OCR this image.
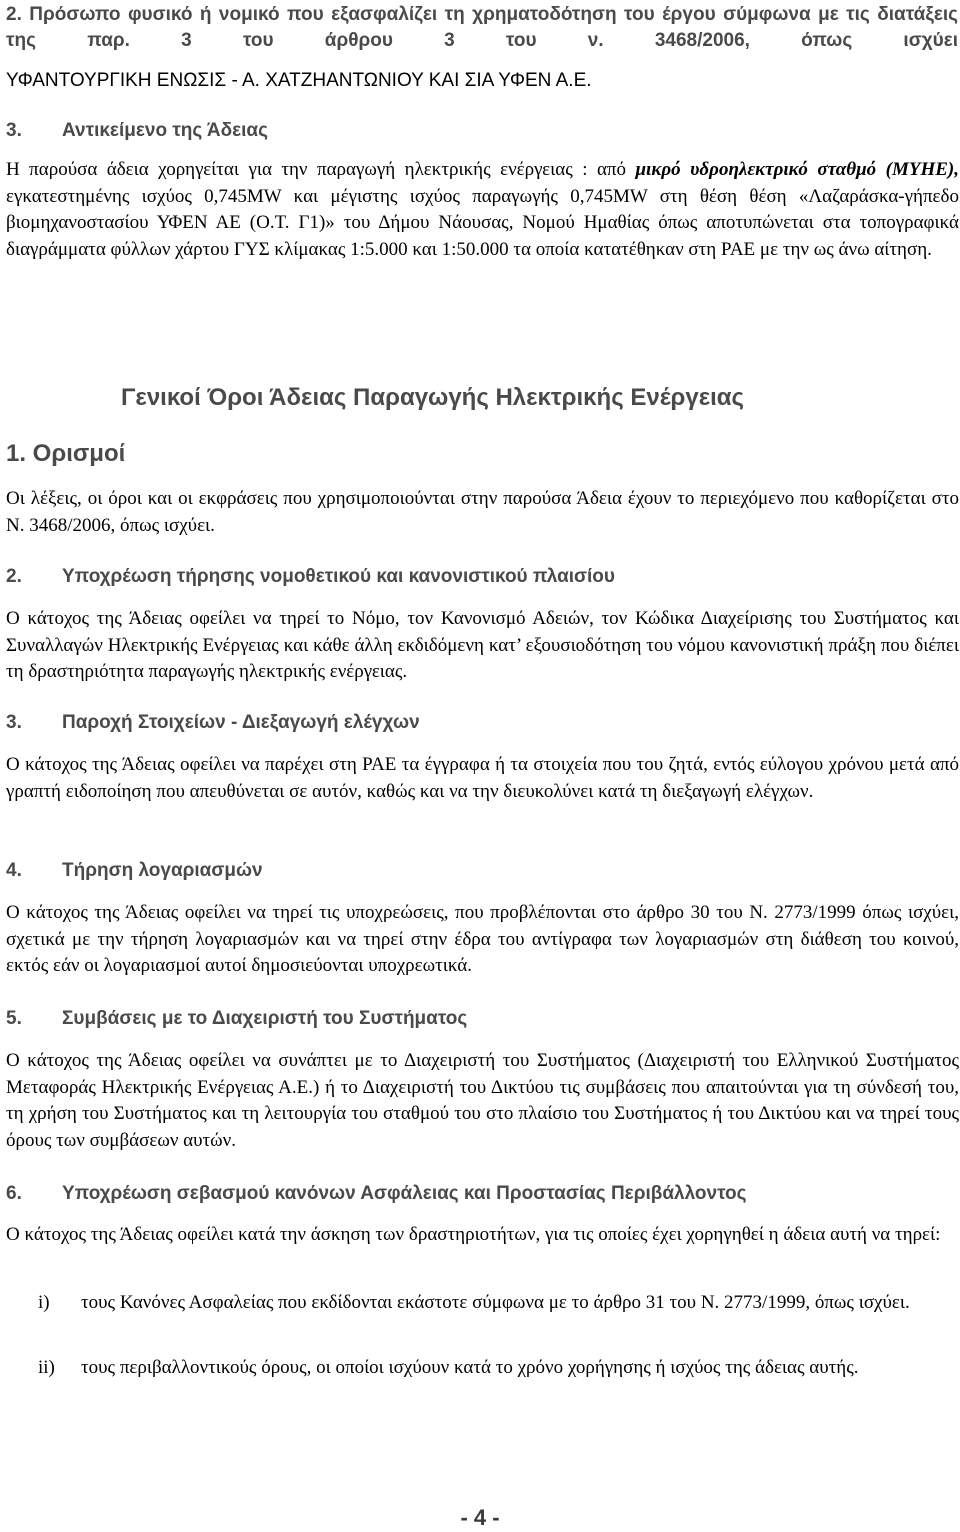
2. Πρόσωπο φυσικό ή νομικό που εξασφαλίζει τη χρηματοδότηση του έργου σύμφωνα με τις διατάξεις της παρ. 3 του άρθρου 3 του ν. 3468/2006, όπως ισχύει
ΥΦΑΝΤΟΥΡΓΙΚΗ ΕΝΩΣΙΣ - Α. ΧΑΤΖΗΑΝΤΩΝΙΟΥ ΚΑΙ ΣΙΑ ΥΦΕΝ Α.Ε.
3. Αντικείμενο της Άδειας
Η παρούσα άδεια χορηγείται για την παραγωγή ηλεκτρικής ενέργειας : από μικρό υδροηλεκτρικό σταθμό (ΜΥΗΕ), εγκατεστημένης ισχύος 0,745MW και μέγιστης ισχύος παραγωγής 0,745MW στη θέση θέση «Λαζαράσκα-γήπεδο βιομηχανοστασίου ΥΦΕΝ ΑΕ (Ο.Τ. Γ1)» του Δήμου Νάουσας, Νομού Ημαθίας όπως αποτυπώνεται στα τοπογραφικά διαγράμματα φύλλων χάρτου ΓΥΣ κλίμακας 1:5.000 και 1:50.000 τα οποία κατατέθηκαν στη ΡΑΕ με την ως άνω αίτηση.
Γενικοί Όροι Άδειας Παραγωγής Ηλεκτρικής Ενέργειας
1. Ορισμοί
Οι λέξεις, οι όροι και οι εκφράσεις που χρησιμοποιούνται στην παρούσα Άδεια έχουν το περιεχόμενο που καθορίζεται στο Ν. 3468/2006, όπως ισχύει.
2. Υποχρέωση τήρησης νομοθετικού και κανονιστικού πλαισίου
Ο κάτοχος της Άδειας οφείλει να τηρεί το Νόμο, τον Κανονισμό Αδειών, τον Κώδικα Διαχείρισης του Συστήματος και Συναλλαγών Ηλεκτρικής Ενέργειας και κάθε άλλη εκδιδόμενη κατ’ εξουσιοδότηση του νόμου κανονιστική πράξη που διέπει τη δραστηριότητα παραγωγής ηλεκτρικής ενέργειας.
3. Παροχή Στοιχείων - Διεξαγωγή ελέγχων
Ο κάτοχος της Άδειας οφείλει να παρέχει στη ΡΑΕ τα έγγραφα ή τα στοιχεία που του ζητά, εντός εύλογου χρόνου μετά από γραπτή ειδοποίηση που απευθύνεται σε αυτόν, καθώς και να την διευκολύνει κατά τη διεξαγωγή ελέγχων.
4. Τήρηση λογαριασμών
Ο κάτοχος της Άδειας οφείλει να τηρεί τις υποχρεώσεις, που προβλέπονται στο άρθρο 30 του Ν. 2773/1999 όπως ισχύει, σχετικά με την τήρηση λογαριασμών και να τηρεί στην έδρα του αντίγραφα των λογαριασμών στη διάθεση του κοινού, εκτός εάν οι λογαριασμοί αυτοί δημοσιεύονται υποχρεωτικά.
5. Συμβάσεις με το Διαχειριστή του Συστήματος
Ο κάτοχος της Άδειας οφείλει να συνάπτει με το Διαχειριστή του Συστήματος (Διαχειριστή του Ελληνικού Συστήματος Μεταφοράς Ηλεκτρικής Ενέργειας Α.Ε.) ή το Διαχειριστή του Δικτύου τις συμβάσεις που απαιτούνται για τη σύνδεσή του, τη χρήση του Συστήματος και τη λειτουργία του σταθμού του στο πλαίσιο του Συστήματος ή του Δικτύου και να τηρεί τους όρους των συμβάσεων αυτών.
6. Υποχρέωση σεβασμού κανόνων Ασφάλειας και Προστασίας Περιβάλλοντος
Ο κάτοχος της Άδειας οφείλει κατά την άσκηση των δραστηριοτήτων, για τις οποίες έχει χορηγηθεί η άδεια αυτή να τηρεί:
i) τους Κανόνες Ασφαλείας που εκδίδονται εκάστοτε σύμφωνα με το άρθρο 31 του Ν. 2773/1999, όπως ισχύει.
ii) τους περιβαλλοντικούς όρους, οι οποίοι ισχύουν κατά το χρόνο χορήγησης ή ισχύος της άδειας αυτής.
- 4 -
